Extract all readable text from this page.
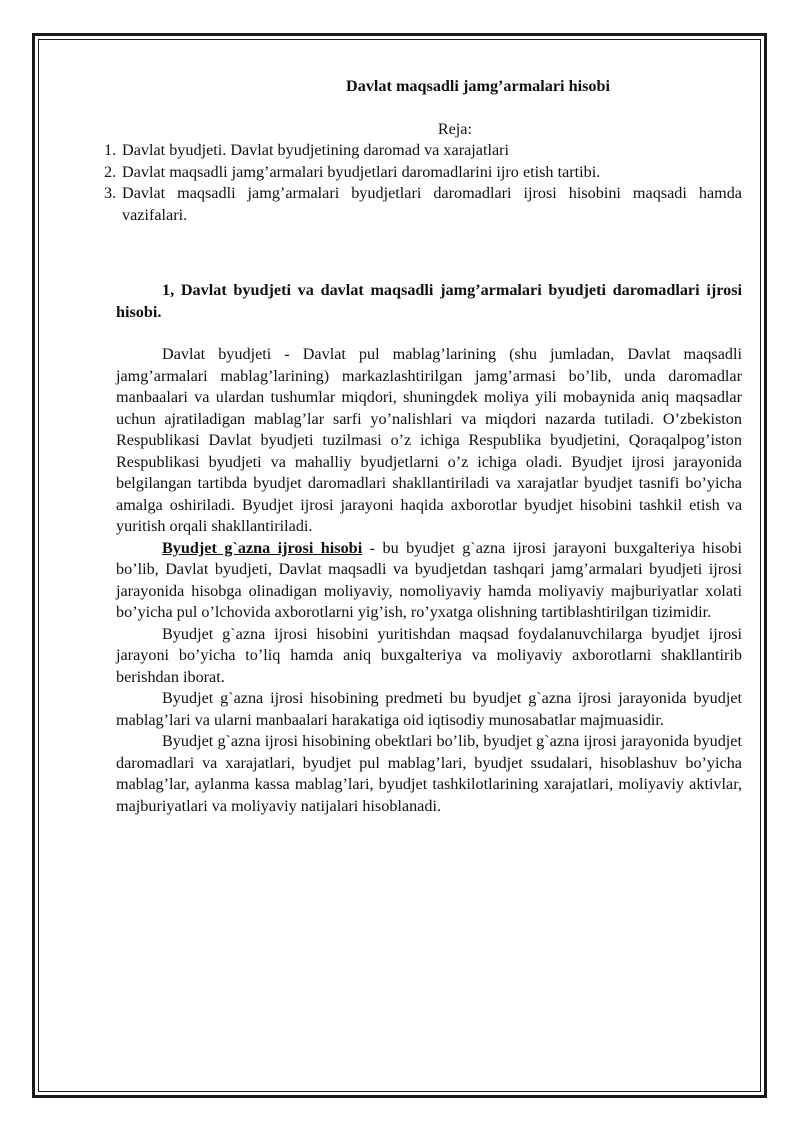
Davlat maqsadli jamg’armalari hisobi

Reja:

1. Davlat byudjeti. Davlat byudjetining daromad va xarajatlari
2. Davlat maqsadli jamg’armalari byudjetlari daromadlarini ijro etish tartibi.
3. Davlat maqsadli jamg’armalari byudjetlari daromadlari ijrosi hisobini maqsadi hamda vazifalari.

1, Davlat byudjeti va davlat maqsadli jamg’armalari byudjeti daromadlari ijrosi hisobi.

Davlat byudjeti - Davlat pul mablag’larining (shu jumladan, Davlat maqsadli jamg’armalari mablag’larining) markazlashtirilgan jamg’armasi bo’lib, unda daromadlar manbaalari va ulardan tushumlar miqdori, shuningdek moliya yili mobaynida aniq maqsadlar uchun ajratiladigan mablag’lar sarfi yo’nalishlari va miqdori nazarda tutiladi. O’zbekiston Respublikasi Davlat byudjeti tuzilmasi o’z ichiga Respublika byudjetini, Qoraqalpog’iston Respublikasi byudjeti va mahalliy byudjetlarni o’z ichiga oladi. Byudjet ijrosi jarayonida belgilangan tartibda byudjet daromadlari shakllantiriladi va xarajatlar byudjet tasnifi bo’yicha amalga oshiriladi. Byudjet ijrosi jarayoni haqida axborotlar byudjet hisobini tashkil etish va yuritish orqali shakllantiriladi.

Byudjet g`azna ijrosi hisobi - bu byudjet g`azna ijrosi jarayoni buxgalteriya hisobi bo’lib, Davlat byudjeti, Davlat maqsadli va byudjetdan tashqari jamg’armalari byudjeti ijrosi jarayonida hisobga olinadigan moliyaviy, nomoliyaviy hamda moliyaviy majburiyatlar xolati bo’yicha pul o’lchovida axborotlarni yig’ish, ro’yxatga olishning tartiblashtirilgan tizimidir.

Byudjet g`azna ijrosi hisobini yuritishdan maqsad foydalanuvchilarga byudjet ijrosi jarayoni bo’yicha to’liq hamda aniq buxgalteriya va moliyaviy axborotlarni shakllantirib berishdan iborat.

Byudjet g`azna ijrosi hisobining predmeti bu byudjet g`azna ijrosi jarayonida byudjet mablag’lari va ularni manbaalari harakatiga oid iqtisodiy munosabatlar majmuasidir.

Byudjet g`azna ijrosi hisobining obektlari bo’lib, byudjet g`azna ijrosi jarayonida byudjet daromadlari va xarajatlari, byudjet pul mablag’lari, byudjet ssudalari, hisoblashuv bo’yicha mablag’lar, aylanma kassa mablag’lari, byudjet tashkilotlarining xarajatlari, moliyaviy aktivlar, majburiyatlari va moliyaviy natijalari hisoblanadi.
